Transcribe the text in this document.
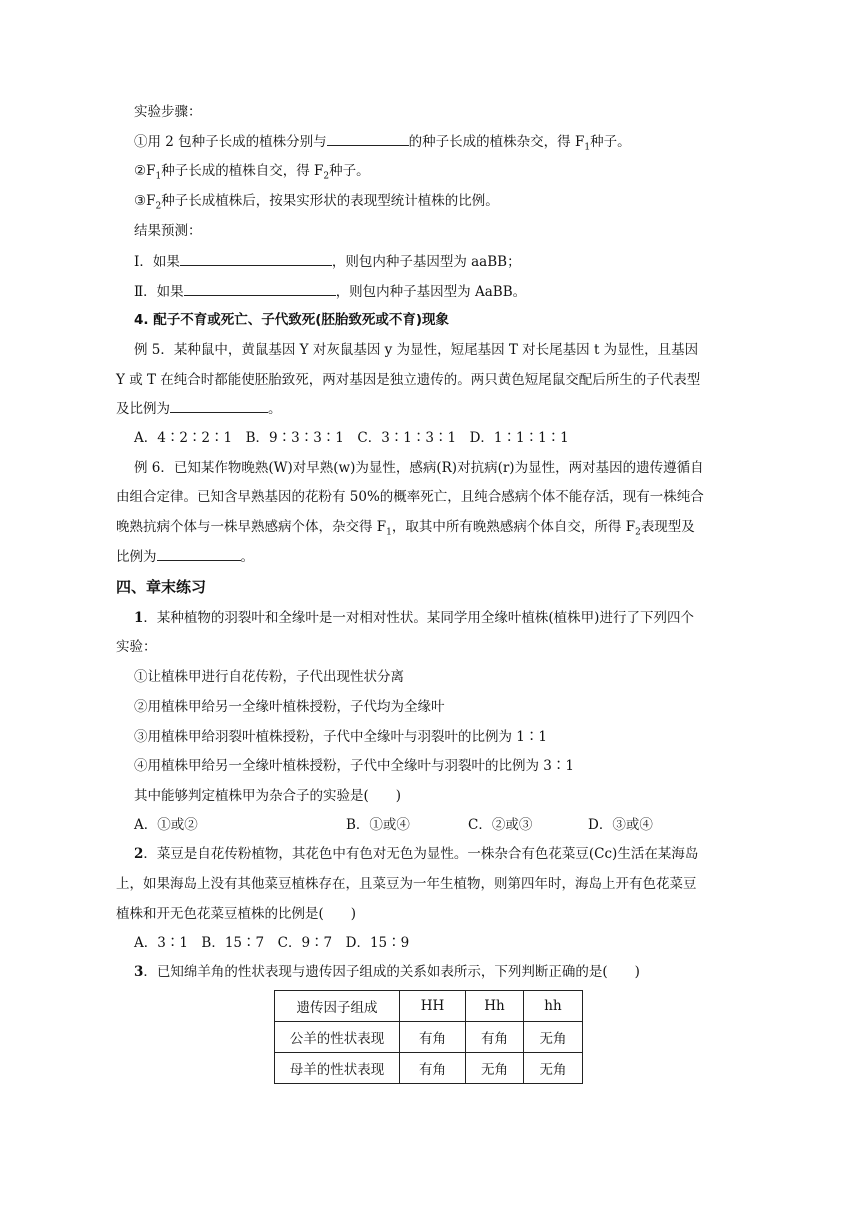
实验步骤：
①用 2 包种子长成的植株分别与	的种子长成的植株杂交，得 $F_1$种子。
$②F_1$种子长成的植株自交，得 $F_2$种子。
$③F_2$种子长成植株后，按果实形状的表现型统计植株的比例。
结果预测：
Ⅰ．如果	，则包内种子基因型为 aaBB；
Ⅱ．如果	，则包内种子基因型为 AaBB。
4. 配子不育或死亡、子代致死(胚胎致死或不育)现象
例 5．某种鼠中，黄鼠基因 Y 对灰鼠基因 y 为显性，短尾基因 T 对长尾基因 t 为显性，且基因
Y 或 T 在纯合时都能使胚胎致死，两对基因是独立遗传的。两只黄色短尾鼠交配后所生的子代表型
及比例为	。
A．4∶2∶2∶1　B．9∶3∶3∶1　C．3∶1∶3∶1　D．1∶1∶1∶1
例 6．已知某作物晚熟(W)对早熟(w)为显性，感病(R)对抗病(r)为显性，两对基因的遗传遵循自
由组合定律。已知含早熟基因的花粉有 50%的概率死亡，且纯合感病个体不能存活，现有一株纯合
晚熟抗病个体与一株早熟感病个体，杂交得 $F_1$，取其中所有晚熟感病个体自交，所得 $F_2$表现型及
比例为	。
四、章末练习
1．某种植物的羽裂叶和全缘叶是一对相对性状。某同学用全缘叶植株(植株甲)进行了下列四个
实验：
①让植株甲进行自花传粉，子代出现性状分离
②用植株甲给另一全缘叶植株授粉，子代均为全缘叶
③用植株甲给羽裂叶植株授粉，子代中全缘叶与羽裂叶的比例为 1∶1
④用植株甲给另一全缘叶植株授粉，子代中全缘叶与羽裂叶的比例为 3∶1
其中能够判定植株甲为杂合子的实验是(　　)
A．①或②	B．①或④	C．②或③	D．③或④
2．菜豆是自花传粉植物，其花色中有色对无色为显性。一株杂合有色花菜豆(Cc)生活在某海岛
上，如果海岛上没有其他菜豆植株存在，且菜豆为一年生植物，则第四年时，海岛上开有色花菜豆
植株和开无色花菜豆植株的比例是(　　)
A．3∶1　B．15∶7　C．9∶7　D．15∶9
3．已知绵羊角的性状表现与遗传因子组成的关系如表所示，下列判断正确的是(　　)
遗传因子组成	HH	Hh	hh
公羊的性状表现	有角	有角	无角
母羊的性状表现	有角	无角	无角
